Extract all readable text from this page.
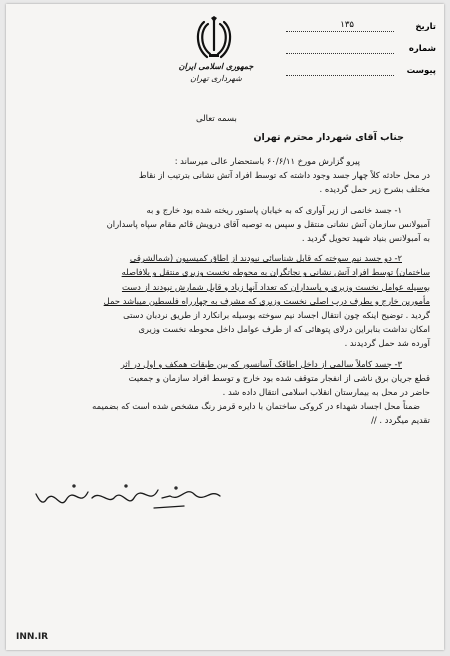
جمهوری اسلامی ایران
شهرداری تهران
تاریخ
۱۳۵
شماره
پیوست
بسمه تعالی
جناب آقای شهردار محترم تهران
پیرو گزارش مورخ ۶۰/۶/۱۱ باستحضار عالی میرساند :
در محل حادثه کلاً چهار جسد وجود داشته که توسط افراد آتش نشانی بترتیب از نقاط
مختلف بشرح زیر حمل گردیده .
۱- جسد خانمی از زیر آواری که به خیابان پاستور ریخته شده بود خارج و به
آمبولانس سازمان آتش نشانی منتقل و سپس به توصیه آقای درویش قائم مقام سپاه پاسداران
به آمبولانس بنیاد شهید تحویل گردید .
۲- دو جسد نیم سوخته که قابل شناسائی نبودند از اطاق کمیسیون (شمالشرقی
ساختمان) توسط افراد آتش نشانی و نجاتگران به محوطه نخست وزیری منتقل و بلافاصله
بوسیله عوامل نخست وزیری و پاسداران که تعداد آنها زیاد و قابل شمارش نبودند از دست
مأمورین خارج و بطرف درب اصلی نخست وزیری که مشرف به چهارراه فلسطین میباشد حمل
گردید . توضیح اینکه چون انتقال اجساد نیم سوخته بوسیله برانکارد از طریق نردبان دستی
امکان نداشت بنابراین درلای پتوهائی که از طرف عوامل داخل محوطه نخست وزیری
آورده شد حمل گردیدند .
۳- جسد کاملاً سالمی از داخل اطاقک آسانسور که بین طبقات همکف و اول در اثر
قطع جریان برق ناشی از انفجار متوقف شده بود خارج و توسط افراد سازمان و جمعیت
حاضر در محل به بیمارستان انقلاب اسلامی انتقال داده شد .
ضمناً محل اجساد شهداء در کروکی ساختمان با دایره قرمز رنگ مشخص شده است که بضمیمه
تقدیم میگردد . //
INN.IR
